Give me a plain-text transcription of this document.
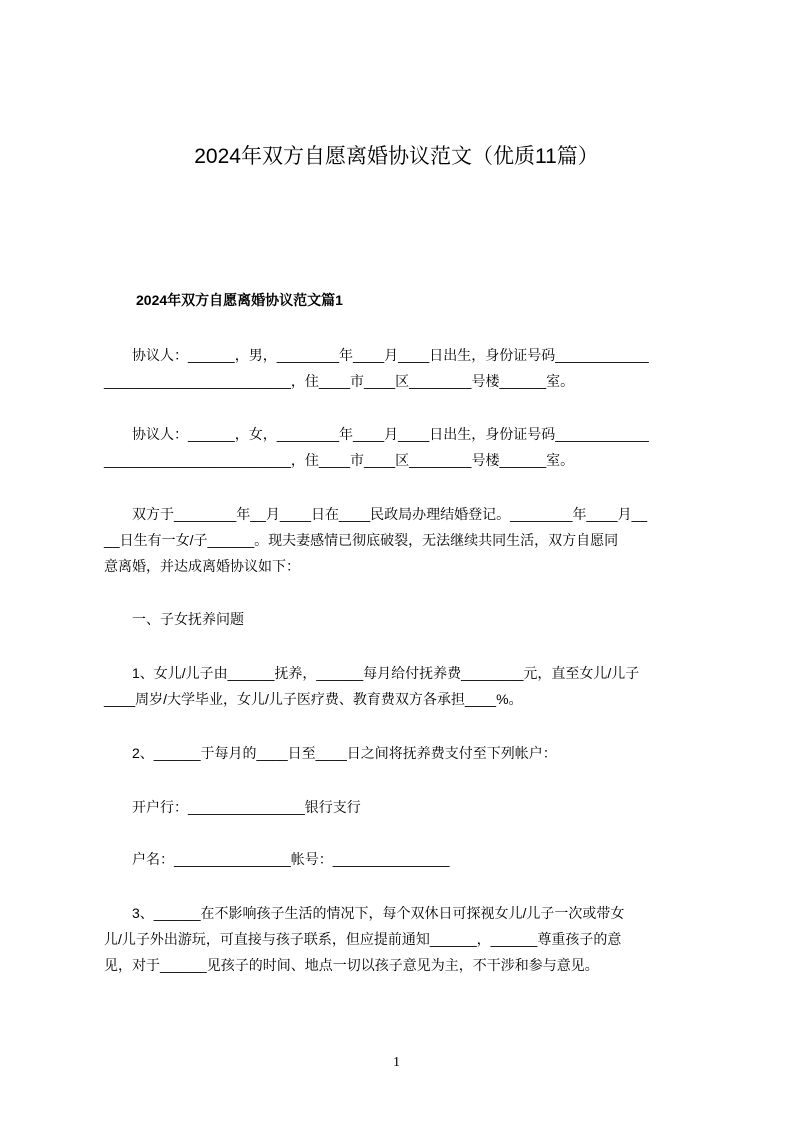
2024年双方自愿离婚协议范文（优质11篇）
2024年双方自愿离婚协议范文篇1

　　协议人：______，男，________年____月____日出生，身份证号码____________

________________________，住____市____区________号楼______室。

　　协议人：______，女，________年____月____日出生，身份证号码____________

________________________，住____市____区________号楼______室。

　　双方于________年__月____日在____民政局办理结婚登记。________年____月__

__日生有一女/子______。现夫妻感情已彻底破裂，无法继续共同生活，双方自愿同

意离婚，并达成离婚协议如下：

　　一、子女抚养问题

　　1、女儿/儿子由______抚养，______每月给付抚养费________元，直至女儿/儿子

____周岁/大学毕业，女儿/儿子医疗费、教育费双方各承担____%。

　　2、______于每月的____日至____日之间将抚养费支付至下列帐户：

　　开户行：_______________银行支行

　　户名：_______________帐号：_______________

　　3、______在不影响孩子生活的情况下，每个双休日可探视女儿/儿子一次或带女

儿/儿子外出游玩，可直接与孩子联系，但应提前通知______，______尊重孩子的意

见，对于______见孩子的时间、地点一切以孩子意见为主，不干涉和参与意见。

1
